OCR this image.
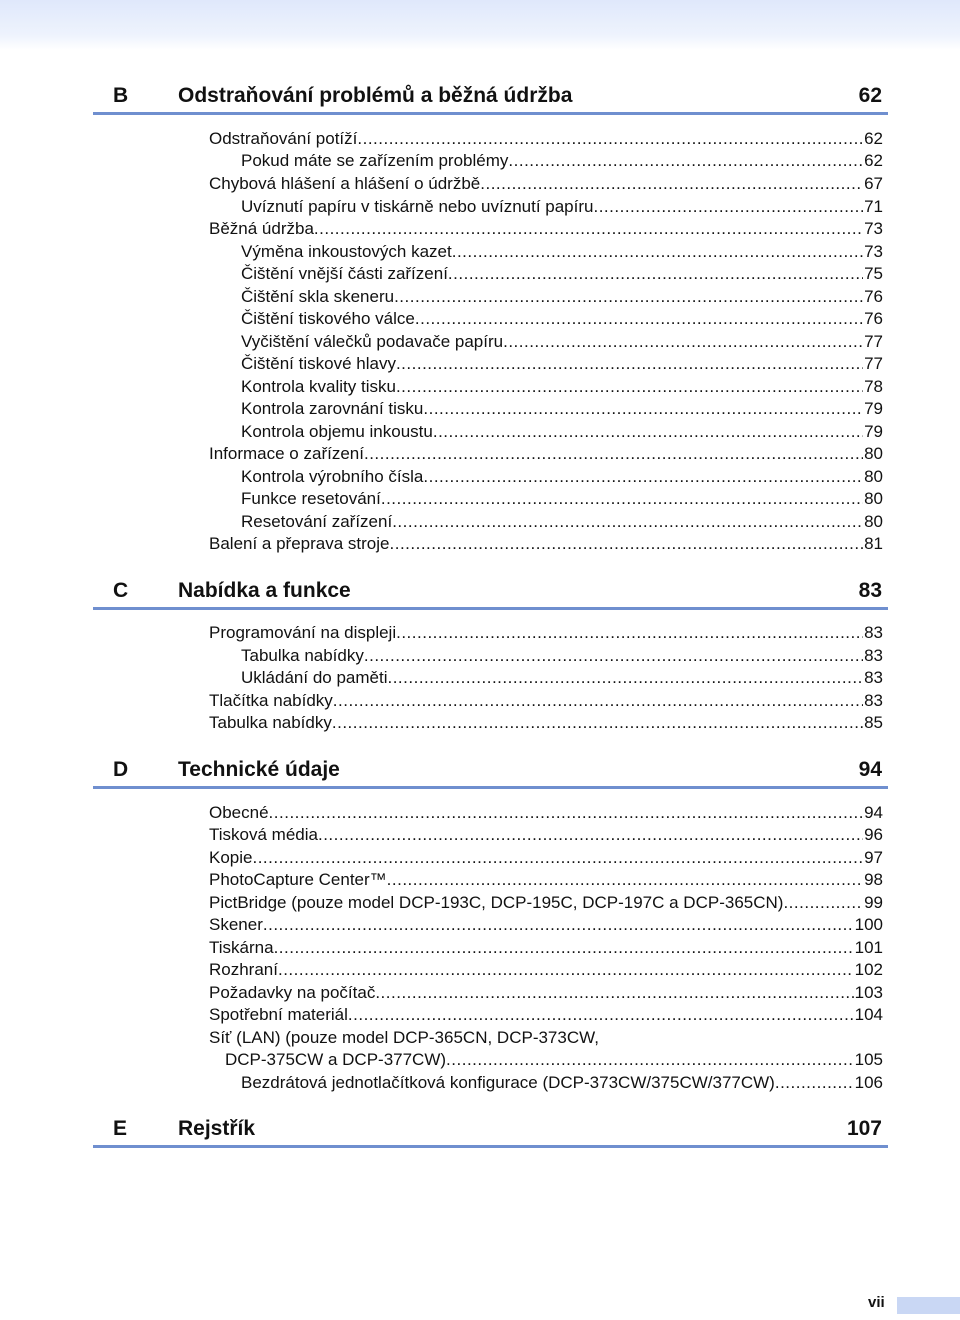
B Odstraňování problémů a běžná údržba	62
Odstraňování potíží .....	62
Pokud máte se zařízením problémy .....	62
Chybová hlášení a hlášení o údržbě .....	67
Uvíznutí papíru v tiskárně nebo uvíznutí papíru .....	71
Běžná údržba .....	73
Výměna inkoustových kazet .....	73
Čištění vnější části zařízení .....	75
Čištění skla skeneru .....	76
Čištění tiskového válce .....	76
Vyčištění válečků podavače papíru .....	77
Čištění tiskové hlavy .....	77
Kontrola kvality tisku .....	78
Kontrola zarovnání tisku .....	79
Kontrola objemu inkoustu .....	79
Informace o zařízení .....	80
Kontrola výrobního čísla .....	80
Funkce resetování .....	80
Resetování zařízení .....	80
Balení a přeprava stroje .....	81
C Nabídka a funkce	83
Programování na displeji .....	83
Tabulka nabídky .....	83
Ukládání do paměti .....	83
Tlačítka nabídky .....	83
Tabulka nabídky .....	85
D Technické údaje	94
Obecné .....	94
Tisková média .....	96
Kopie .....	97
PhotoCapture Center™ .....	98
PictBridge (pouze model DCP-193C, DCP-195C, DCP-197C a DCP-365CN) .....	99
Skener .....	100
Tiskárna .....	101
Rozhraní .....	102
Požadavky na počítač .....	103
Spotřební materiál .....	104
Síť (LAN) (pouze model DCP-365CN, DCP-373CW,
DCP-375CW a DCP-377CW) .....	105
Bezdrátová jednotlačítková konfigurace (DCP-373CW/375CW/377CW) .....	106
E Rejstřík	107
vii
